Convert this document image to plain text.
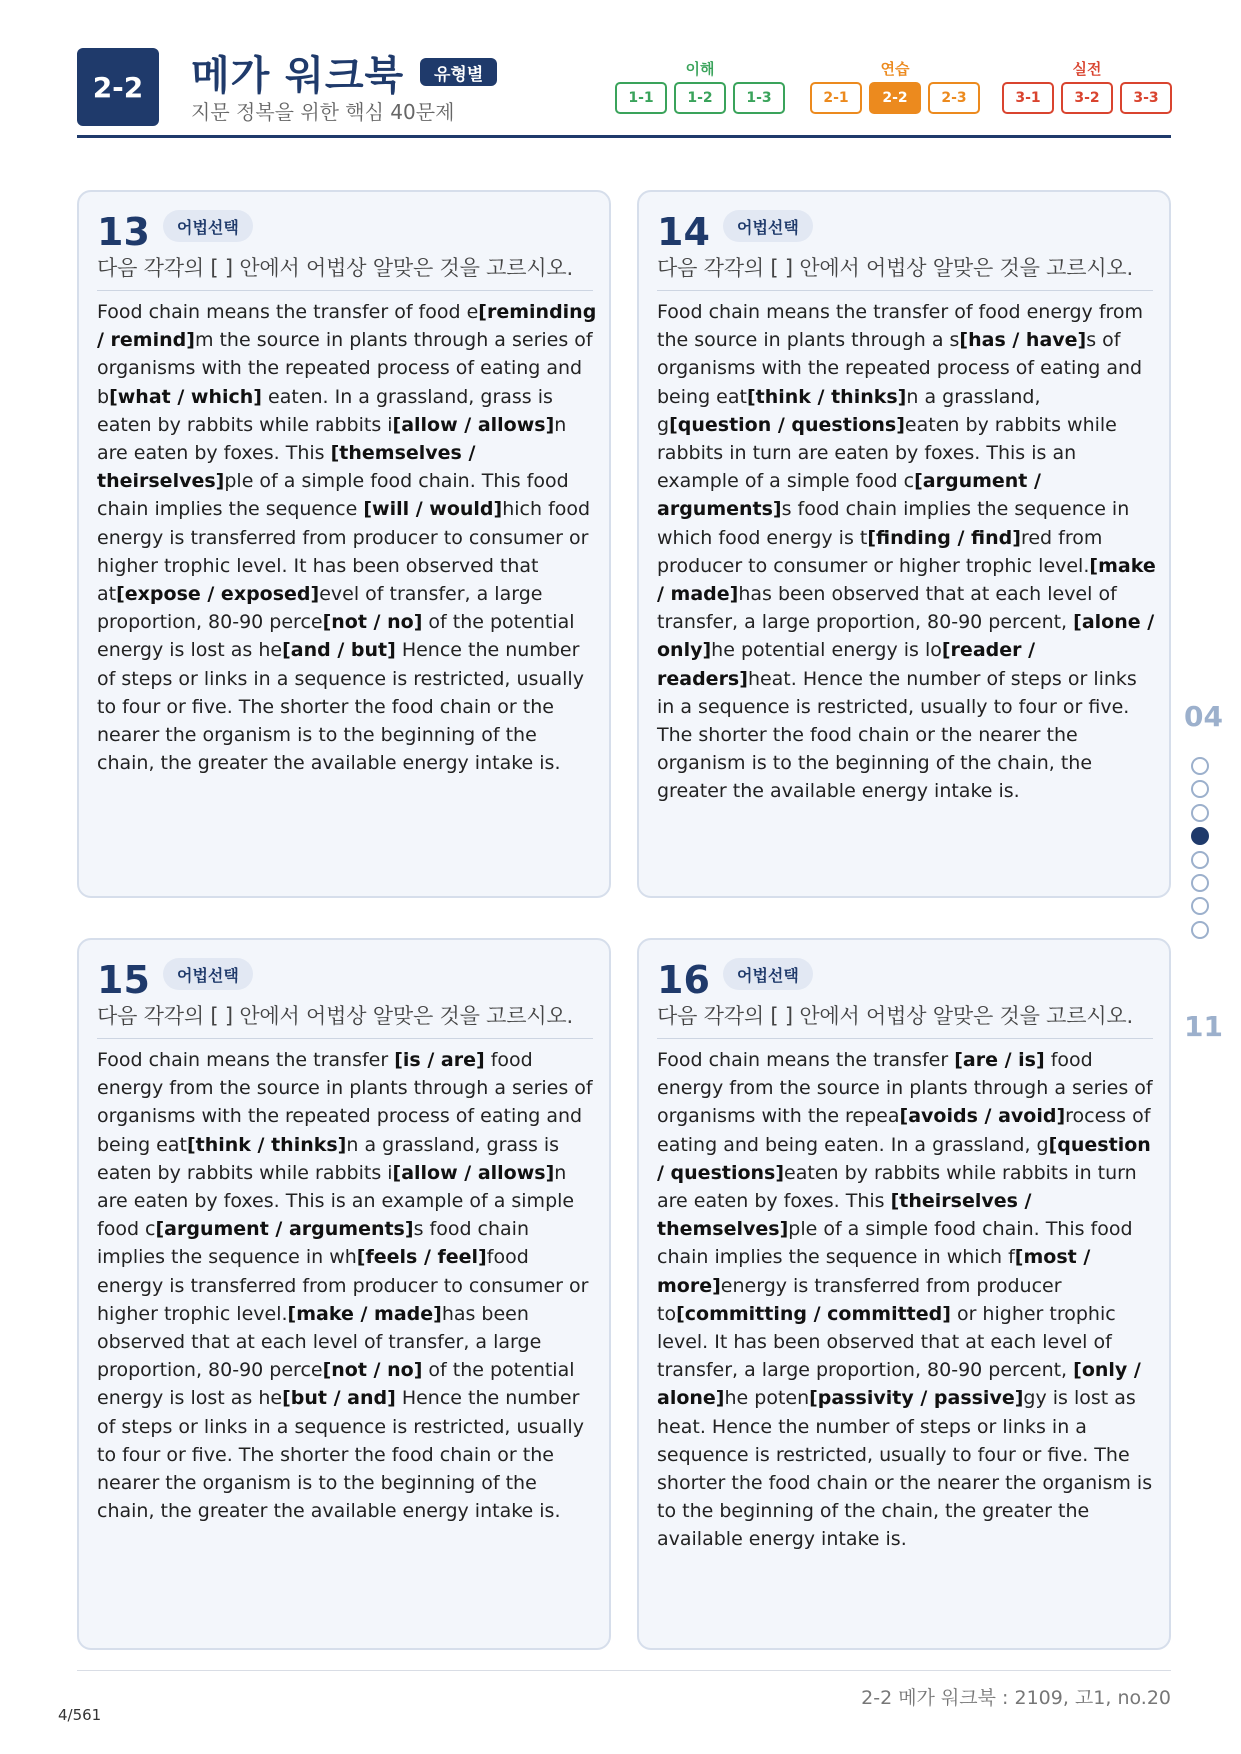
2-2	메가 워크북	유형별
지문 정복을 위한 핵심 40문제
이해
1-1	1-2	1-3
연습
2-1	2-2	2-3
실전
3-1	3-2	3-3
13	어법선택
다음 각각의 [ ] 안에서 어법상 알맞은 것을 고르시오.
Food chain means the transfer of food e[reminding / remind]m the source in plants through a series of organisms with the repeated process of eating and b[what / which] eaten. In a grassland, grass is eaten by rabbits while rabbits i[allow / allows]n are eaten by foxes. This [themselves / theirselves]ple of a simple food chain. This food chain implies the sequence [will / would]hich food energy is transferred from producer to consumer or higher trophic level. It has been observed that at[expose / exposed]evel of transfer, a large proportion, 80-90 perce[not / no] of the potential energy is lost as he[and / but] Hence the number of steps or links in a sequence is restricted, usually to four or five. The shorter the food chain or the nearer the organism is to the beginning of the chain, the greater the available energy intake is.
14	어법선택
다음 각각의 [ ] 안에서 어법상 알맞은 것을 고르시오.
Food chain means the transfer of food energy from the source in plants through a s[has / have]s of organisms with the repeated process of eating and being eat[think / thinks]n a grassland, g[question / questions]eaten by rabbits while rabbits in turn are eaten by foxes. This is an example of a simple food c[argument / arguments]s food chain implies the sequence in which food energy is t[finding / find]red from producer to consumer or higher trophic level.[make / made]has been observed that at each level of transfer, a large proportion, 80-90 percent, [alone / only]he potential energy is lo[reader / readers]heat. Hence the number of steps or links in a sequence is restricted, usually to four or five. The shorter the food chain or the nearer the organism is to the beginning of the chain, the greater the available energy intake is.
15	어법선택
다음 각각의 [ ] 안에서 어법상 알맞은 것을 고르시오.
Food chain means the transfer [is / are] food energy from the source in plants through a series of organisms with the repeated process of eating and being eat[think / thinks]n a grassland, grass is eaten by rabbits while rabbits i[allow / allows]n are eaten by foxes. This is an example of a simple food c[argument / arguments]s food chain implies the sequence in wh[feels / feel]food energy is transferred from producer to consumer or higher trophic level.[make / made]has been observed that at each level of transfer, a large proportion, 80-90 perce[not / no] of the potential energy is lost as he[but / and] Hence the number of steps or links in a sequence is restricted, usually to four or five. The shorter the food chain or the nearer the organism is to the beginning of the chain, the greater the available energy intake is.
16	어법선택
다음 각각의 [ ] 안에서 어법상 알맞은 것을 고르시오.
Food chain means the transfer [are / is] food energy from the source in plants through a series of organisms with the repea[avoids / avoid]rocess of eating and being eaten. In a grassland, g[question / questions]eaten by rabbits while rabbits in turn are eaten by foxes. This [theirselves / themselves]ple of a simple food chain. This food chain implies the sequence in which f[most / more]energy is transferred from producer to[committing / committed] or higher trophic level. It has been observed that at each level of transfer, a large proportion, 80-90 percent, [only / alone]he poten[passivity / passive]gy is lost as heat. Hence the number of steps or links in a sequence is restricted, usually to four or five. The shorter the food chain or the nearer the organism is to the beginning of the chain, the greater the available energy intake is.
04
11
2-2 메가 워크북 : 2109, 고1, no.20
4/561
